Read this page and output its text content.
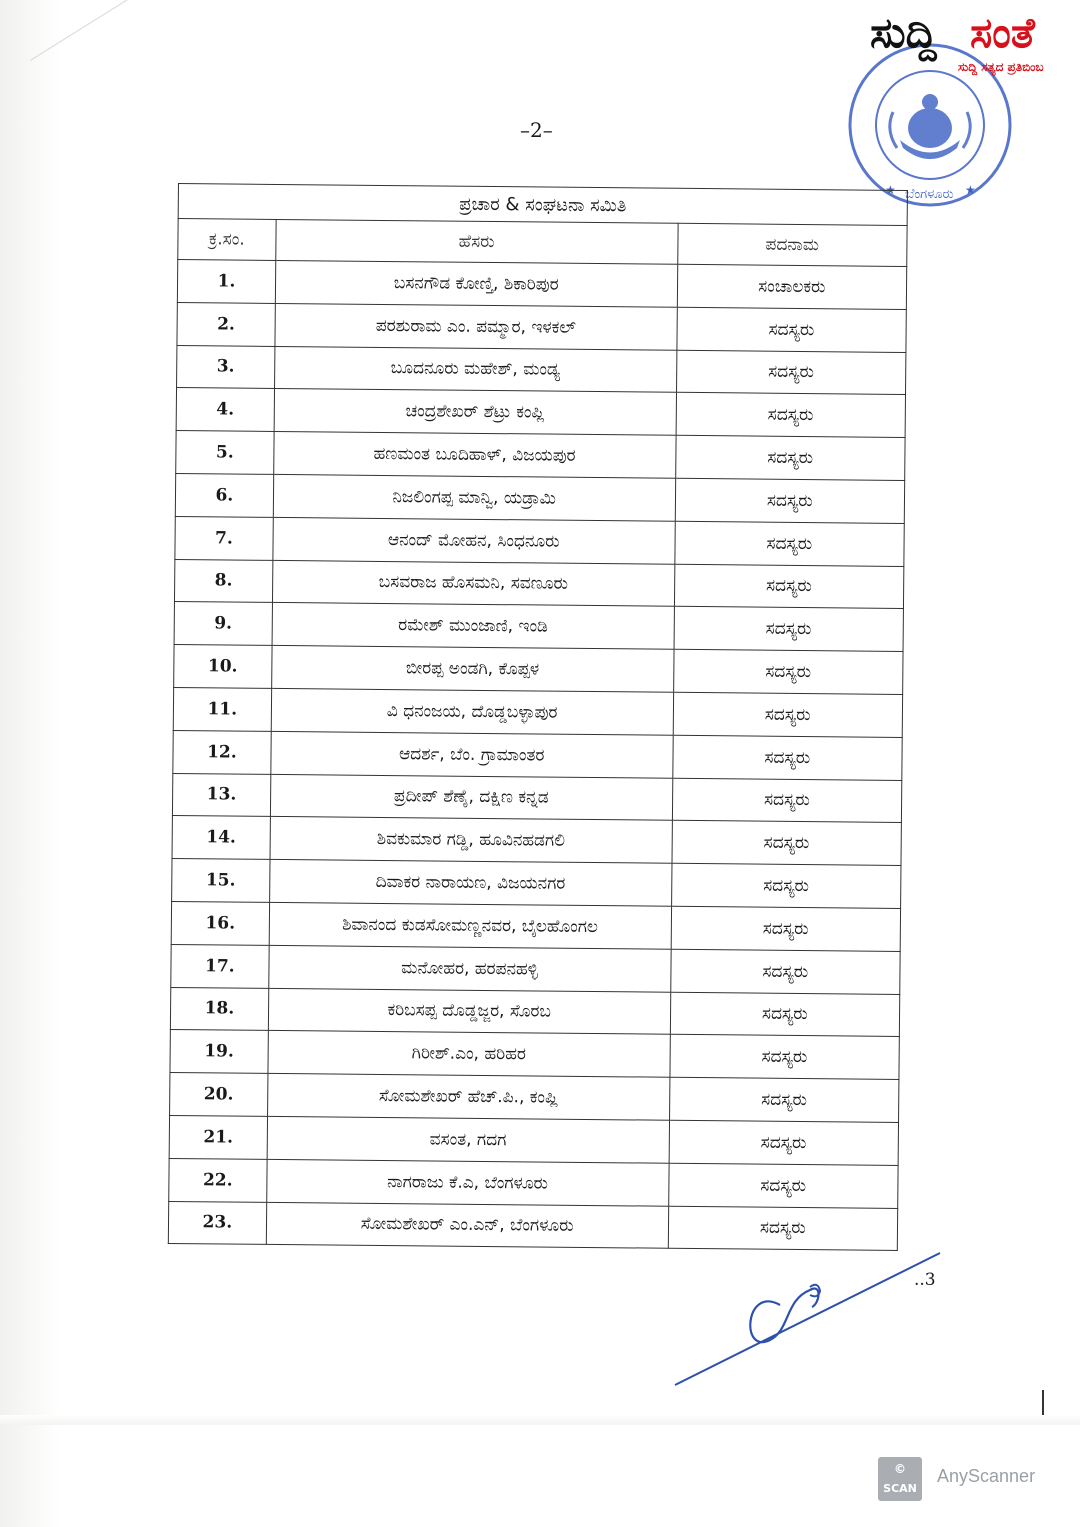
ಬೆಂಗಳೂರು
★	★
ಸುದ್ದಿ ಸಂತೆ
ಸುದ್ದಿ ಸತ್ಯದ ಪ್ರತಿಬಿಂಬ
–2–
ಪ್ರಚಾರ & ಸಂಘಟನಾ ಸಮಿತಿ		
ಕ್ರ.ಸಂ.	ಹೆಸರು	ಪದನಾಮ
1.	ಬಸನಗೌಡ ಕೋಣ್ತಿ, ಶಿಕಾರಿಪುರ	ಸಂಚಾಲಕರು
2.	ಪರಶುರಾಮ ಎಂ. ಪಮ್ಮಾರ, ಇಳಕಲ್	ಸದಸ್ಯರು
3.	ಬೂದನೂರು ಮಹೇಶ್, ಮಂಡ್ಯ	ಸದಸ್ಯರು
4.	ಚಂದ್ರಶೇಖರ್ ಶೆಟ್ರು ಕಂಪ್ಲಿ	ಸದಸ್ಯರು
5.	ಹಣಮಂತ ಬೂದಿಹಾಳ್, ವಿಜಯಪುರ	ಸದಸ್ಯರು
6.	ನಿಜಲಿಂಗಪ್ಪ ಮಾನ್ವಿ, ಯಡ್ರಾಮಿ	ಸದಸ್ಯರು
7.	ಆನಂದ್ ಮೋಹನ, ಸಿಂಧನೂರು	ಸದಸ್ಯರು
8.	ಬಸವರಾಜ ಹೊಸಮನಿ, ಸವಣೂರು	ಸದಸ್ಯರು
9.	ರಮೇಶ್ ಮುಂಜಾಣಿ, ಇಂಡಿ	ಸದಸ್ಯರು
10.	ಬೀರಪ್ಪ ಅಂಡಗಿ, ಕೊಪ್ಪಳ	ಸದಸ್ಯರು
11.	ವಿ ಧನಂಜಯ, ದೊಡ್ಡಬಳ್ಳಾಪುರ	ಸದಸ್ಯರು
12.	ಆದರ್ಶ, ಬೆಂ. ಗ್ರಾಮಾಂತರ	ಸದಸ್ಯರು
13.	ಪ್ರದೀಪ್ ಶೆಣೈ, ದಕ್ಷಿಣ ಕನ್ನಡ	ಸದಸ್ಯರು
14.	ಶಿವಕುಮಾರ ಗಡ್ಡಿ, ಹೂವಿನಹಡಗಲಿ	ಸದಸ್ಯರು
15.	ದಿವಾಕರ ನಾರಾಯಣ, ವಿಜಯನಗರ	ಸದಸ್ಯರು
16.	ಶಿವಾನಂದ ಕುಡಸೋಮಣ್ಣನವರ, ಬೈಲಹೊಂಗಲ	ಸದಸ್ಯರು
17.	ಮನೋಹರ, ಹರಪನಹಳ್ಳಿ	ಸದಸ್ಯರು
18.	ಕರಿಬಸಪ್ಪ ದೊಡ್ಡಜ್ಜರ, ಸೊರಬ	ಸದಸ್ಯರು
19.	ಗಿರೀಶ್.ಎಂ, ಹರಿಹರ	ಸದಸ್ಯರು
20.	ಸೋಮಶೇಖರ್ ಹೆಚ್.ಪಿ., ಕಂಪ್ಲಿ	ಸದಸ್ಯರು
21.	ವಸಂತ, ಗದಗ	ಸದಸ್ಯರು
22.	ನಾಗರಾಜು ಕೆ.ಎ, ಬೆಂಗಳೂರು	ಸದಸ್ಯರು
23.	ಸೋಮಶೇಖರ್ ಎಂ.ಎನ್, ಬೆಂಗಳೂರು	ಸದಸ್ಯರು
..3
©
SCAN
AnyScanner
